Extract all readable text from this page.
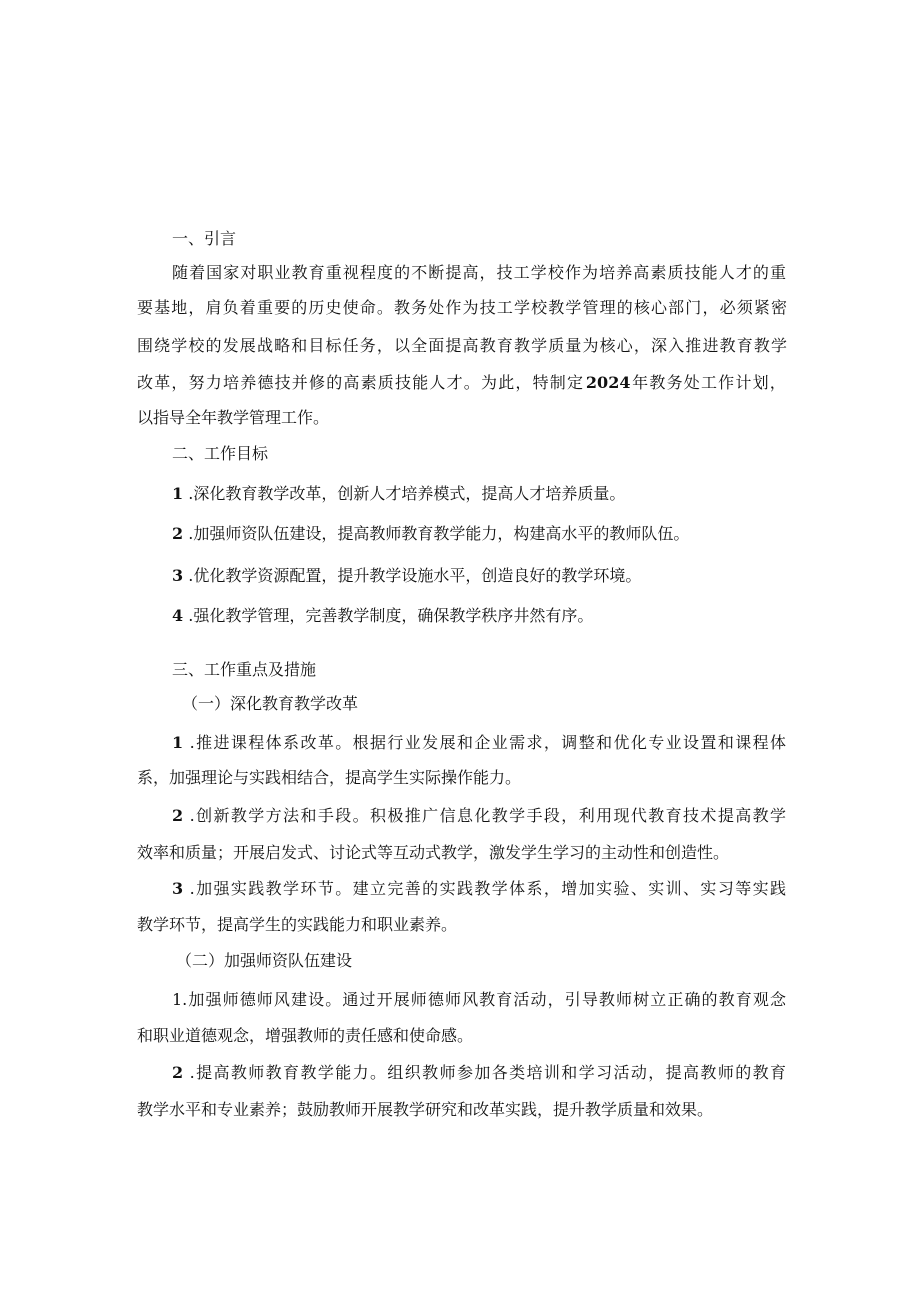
一、引言
随着国家对职业教育重视程度的不断提高，技工学校作为培养高素质技能人才的重
要基地，肩负着重要的历史使命。教务处作为技工学校教学管理的核心部门，必须紧密
围绕学校的发展战略和目标任务，以全面提高教育教学质量为核心，深入推进教育教学
改革，努力培养德技并修的高素质技能人才。为此，特制定 2024 年教务处工作计划，
以指导全年教学管理工作。
二、工作目标
1 .深化教育教学改革，创新人才培养模式，提高人才培养质量。
2 .加强师资队伍建设，提高教师教育教学能力，构建高水平的教师队伍。
3 .优化教学资源配置，提升教学设施水平，创造良好的教学环境。
4 .强化教学管理，完善教学制度，确保教学秩序井然有序。
三、工作重点及措施
（一）深化教育教学改革
1 .推进课程体系改革。根据行业发展和企业需求，调整和优化专业设置和课程体
系，加强理论与实践相结合，提高学生实际操作能力。
2 .创新教学方法和手段。积极推广信息化教学手段，利用现代教育技术提高教学
效率和质量；开展启发式、讨论式等互动式教学，激发学生学习的主动性和创造性。
3 .加强实践教学环节。建立完善的实践教学体系，增加实验、实训、实习等实践
教学环节，提高学生的实践能力和职业素养。
（二）加强师资队伍建设
1.加强师德师风建设。通过开展师德师风教育活动，引导教师树立正确的教育观念
和职业道德观念，增强教师的责任感和使命感。
2 .提高教师教育教学能力。组织教师参加各类培训和学习活动，提高教师的教育
教学水平和专业素养；鼓励教师开展教学研究和改革实践，提升教学质量和效果。
